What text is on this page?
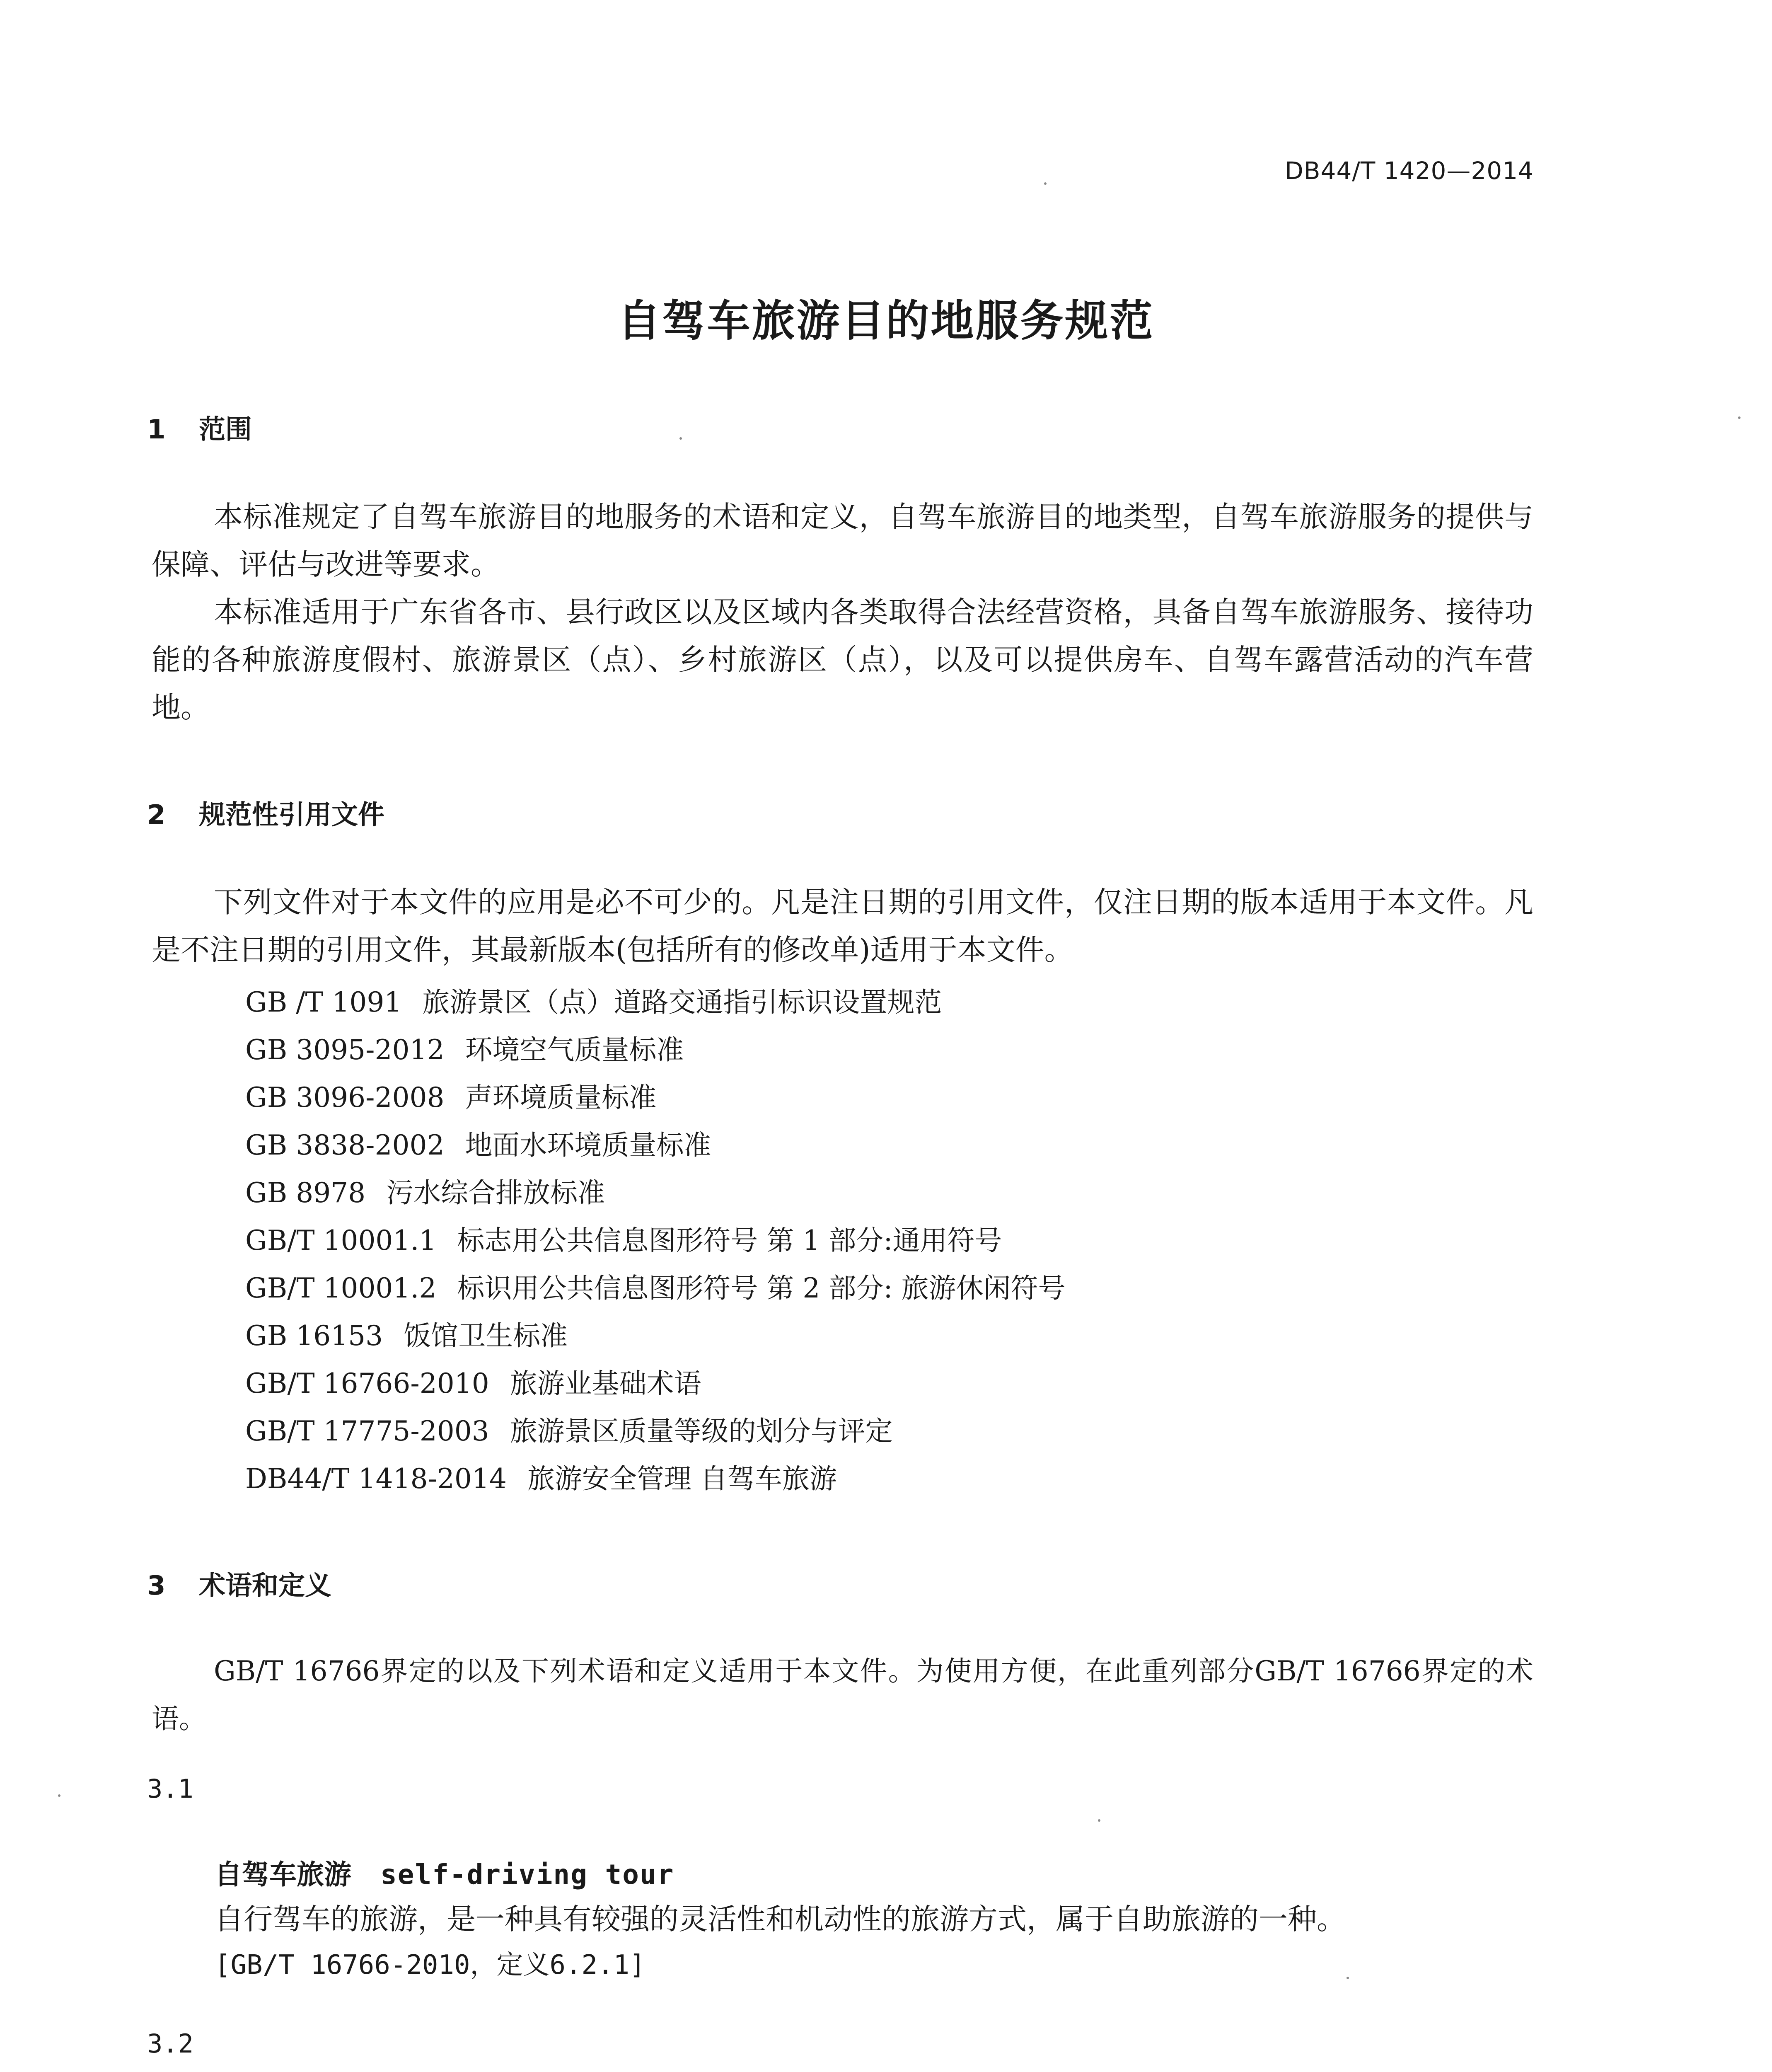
DB44/T 1420—2014
自驾车旅游目的地服务规范
1 范围
本标准规定了自驾车旅游目的地服务的术语和定义，自驾车旅游目的地类型，自驾车旅游服务的提供与保障、评估与改进等要求。
本标准适用于广东省各市、县行政区以及区域内各类取得合法经营资格，具备自驾车旅游服务、接待功能的各种旅游度假村、旅游景区（点）、乡村旅游区（点），以及可以提供房车、自驾车露营活动的汽车营地。
2 规范性引用文件
下列文件对于本文件的应用是必不可少的。凡是注日期的引用文件，仅注日期的版本适用于本文件。凡是不注日期的引用文件，其最新版本(包括所有的修改单)适用于本文件。
GB /T 1091 旅游景区（点）道路交通指引标识设置规范
GB 3095-2012 环境空气质量标准
GB 3096-2008 声环境质量标准
GB 3838-2002 地面水环境质量标准
GB 8978 污水综合排放标准
GB/T 10001.1 标志用公共信息图形符号 第 1 部分:通用符号
GB/T 10001.2 标识用公共信息图形符号 第 2 部分: 旅游休闲符号
GB 16153 饭馆卫生标准
GB/T 16766-2010 旅游业基础术语
GB/T 17775-2003 旅游景区质量等级的划分与评定
DB44/T 1418-2014 旅游安全管理 自驾车旅游
3 术语和定义
GB/T 16766界定的以及下列术语和定义适用于本文件。为使用方便，在此重列部分GB/T 16766界定的术语。
3.1
自驾车旅游 self-driving tour
自行驾车的旅游，是一种具有较强的灵活性和机动性的旅游方式，属于自助旅游的一种。
[GB/T 16766-2010，定义6.2.1]
3.2
